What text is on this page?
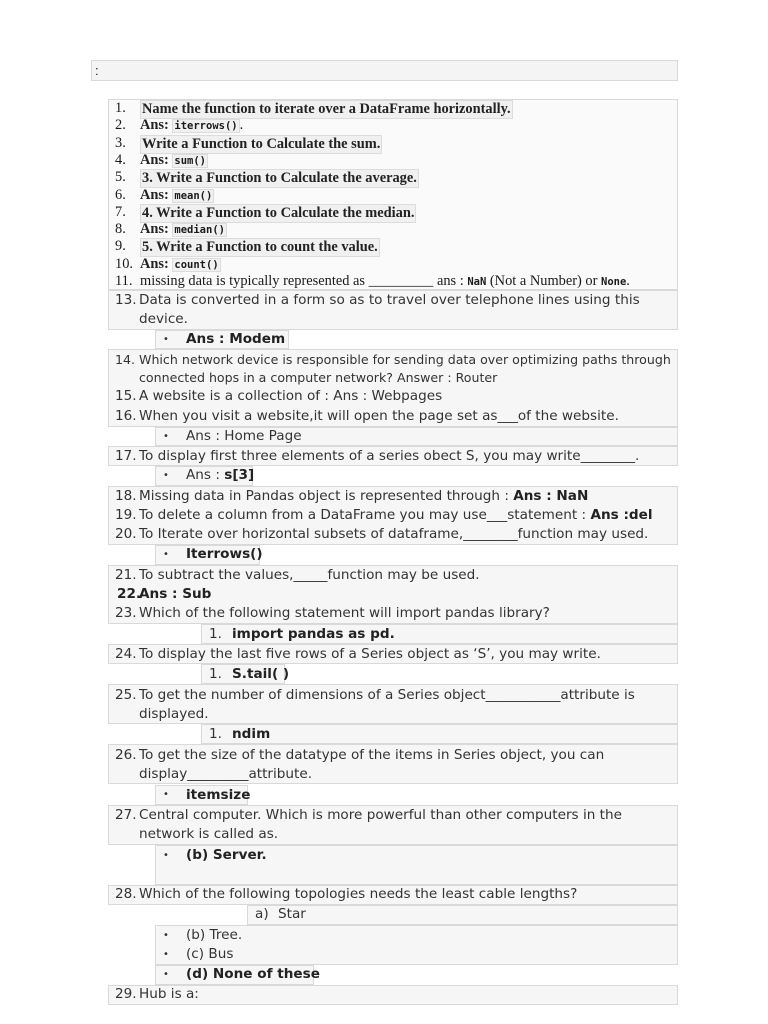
:
1.	Name the function to iterate over a DataFrame horizontally.
2. Ans: iterrows() .
3.	Write a Function to Calculate the sum.
4. Ans: sum()
5.	3. Write a Function to Calculate the average.
6. Ans: mean()
7.	4. Write a Function to Calculate the median.
8. Ans: median()
9.	5. Write a Function to count the value.
10. Ans: count()
11. missing data is typically represented as _________ ans : NaN (Not a Number) or None.
13. Data is converted in a form so as to travel over telephone lines using this
device.
• Ans : Modem
14. Which network device is responsible for sending data over optimizing paths through
connected hops in a computer network? Answer : Router
15. A website is a collection of : Ans : Webpages
16. When you visit a website,it will open the page set as___of the website.
• Ans : Home Page
17. To display first three elements of a series obect S, you may write________.
• Ans : s[3]
18. Missing data in Pandas object is represented through : Ans : NaN
19. To delete a column from a DataFrame you may use___statement : Ans :del
20. To Iterate over horizontal subsets of dataframe,________function may used.
• Iterrows()
21. To subtract the values,_____function may be used.
22.
Ans : Sub
23. Which of the following statement will import pandas library?
1. import pandas as pd.
24. To display the last five rows of a Series object as ‘S’, you may write.
1. S.tail( )
25. To get the number of dimensions of a Series object___________attribute is
displayed.
1. ndim
26. To get the size of the datatype of the items in Series object, you can
display_________attribute.
• itemsize
27. Central computer. Which is more powerful than other computers in the
network is called as.
• (b) Server.
28. Which of the following topologies needs the least cable lengths?
a) Star
• (b) Tree.
• (c) Bus
• (d) None of these
29. Hub is a:
